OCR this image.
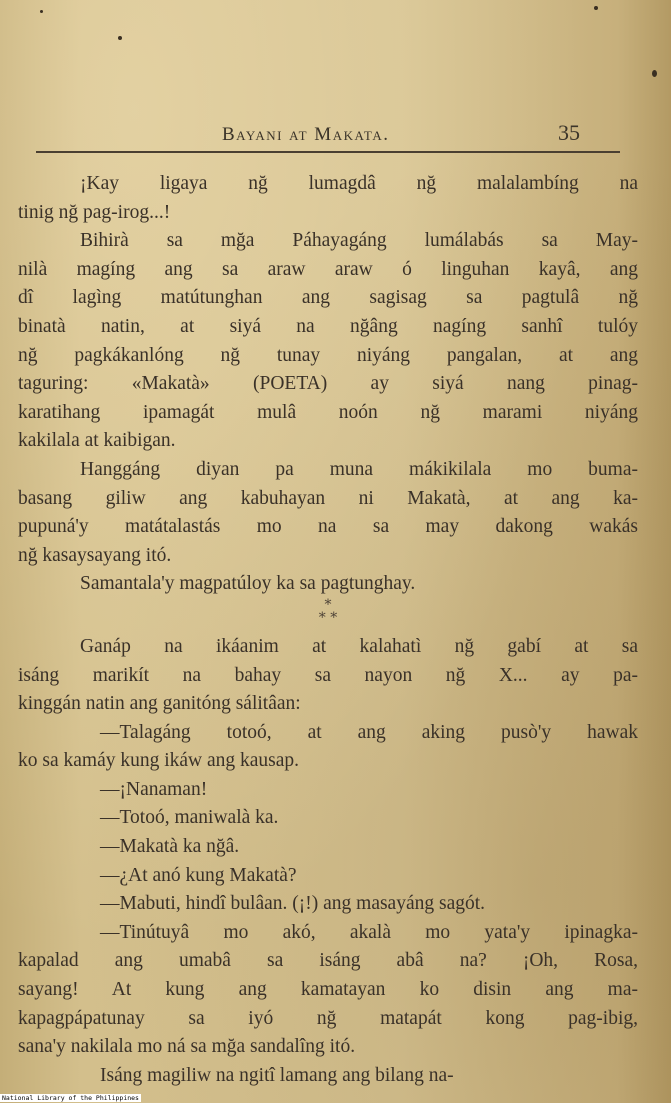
Bayani at Makata.	35
¡Kay ligaya nğ lumagdâ nğ malalambíng na
tinig nğ pag-irog...!
Bihirà sa mğa Páhayagáng lumálabás sa May-
nilà magíng ang sa araw araw ó linguhan kayâ, ang
dî lagìng matútunghan ang sagisag sa pagtulâ nğ
binatà natin, at siyá na nğâng nagíng sanhî tulóy
nğ pagkákanlóng nğ tunay niyáng pangalan, at ang
taguring: «Makatà» (POETA) ay siyá nang pinag-
karatihang ipamagát mulâ noón nğ marami niyáng
kakilala at kaibigan.
Hanggáng diyan pa muna mákikilala mo buma-
basang giliw ang kabuhayan ni Makatà, at ang ka-
pupuná'y matátalastás mo na sa may dakong wakás
nğ kasaysayang itó.
Samantala'y magpatúloy ka sa pagtunghay.
*
* *
Ganáp na ikáanim at kalahatì nğ gabí at sa
isáng marikít na bahay sa nayon nğ X... ay pa-
kinggán natin ang ganitóng sálitâan:
—Talagáng totoó, at ang aking pusò'y hawak
ko sa kamáy kung ikáw ang kausap.
—¡Nanaman!
—Totoó, maniwalà ka.
—Makatà ka nğâ.
—¿At anó kung Makatà?
—Mabuti, hindî bulâan. (¡!) ang masayáng sagót.
—Tinútuyâ mo akó, akalà mo yata'y ipinagka-
kapalad ang umabâ sa isáng abâ na? ¡Oh, Rosa,
sayang! At kung ang kamatayan ko disin ang ma-
kapagpápatunay sa iyó nğ matapát kong pag-ibig,
sana'y nakilala mo ná sa mğa sandalîng itó.
Isáng magiliw na ngitî lamang ang bilang na-
National Library of the Philippines
